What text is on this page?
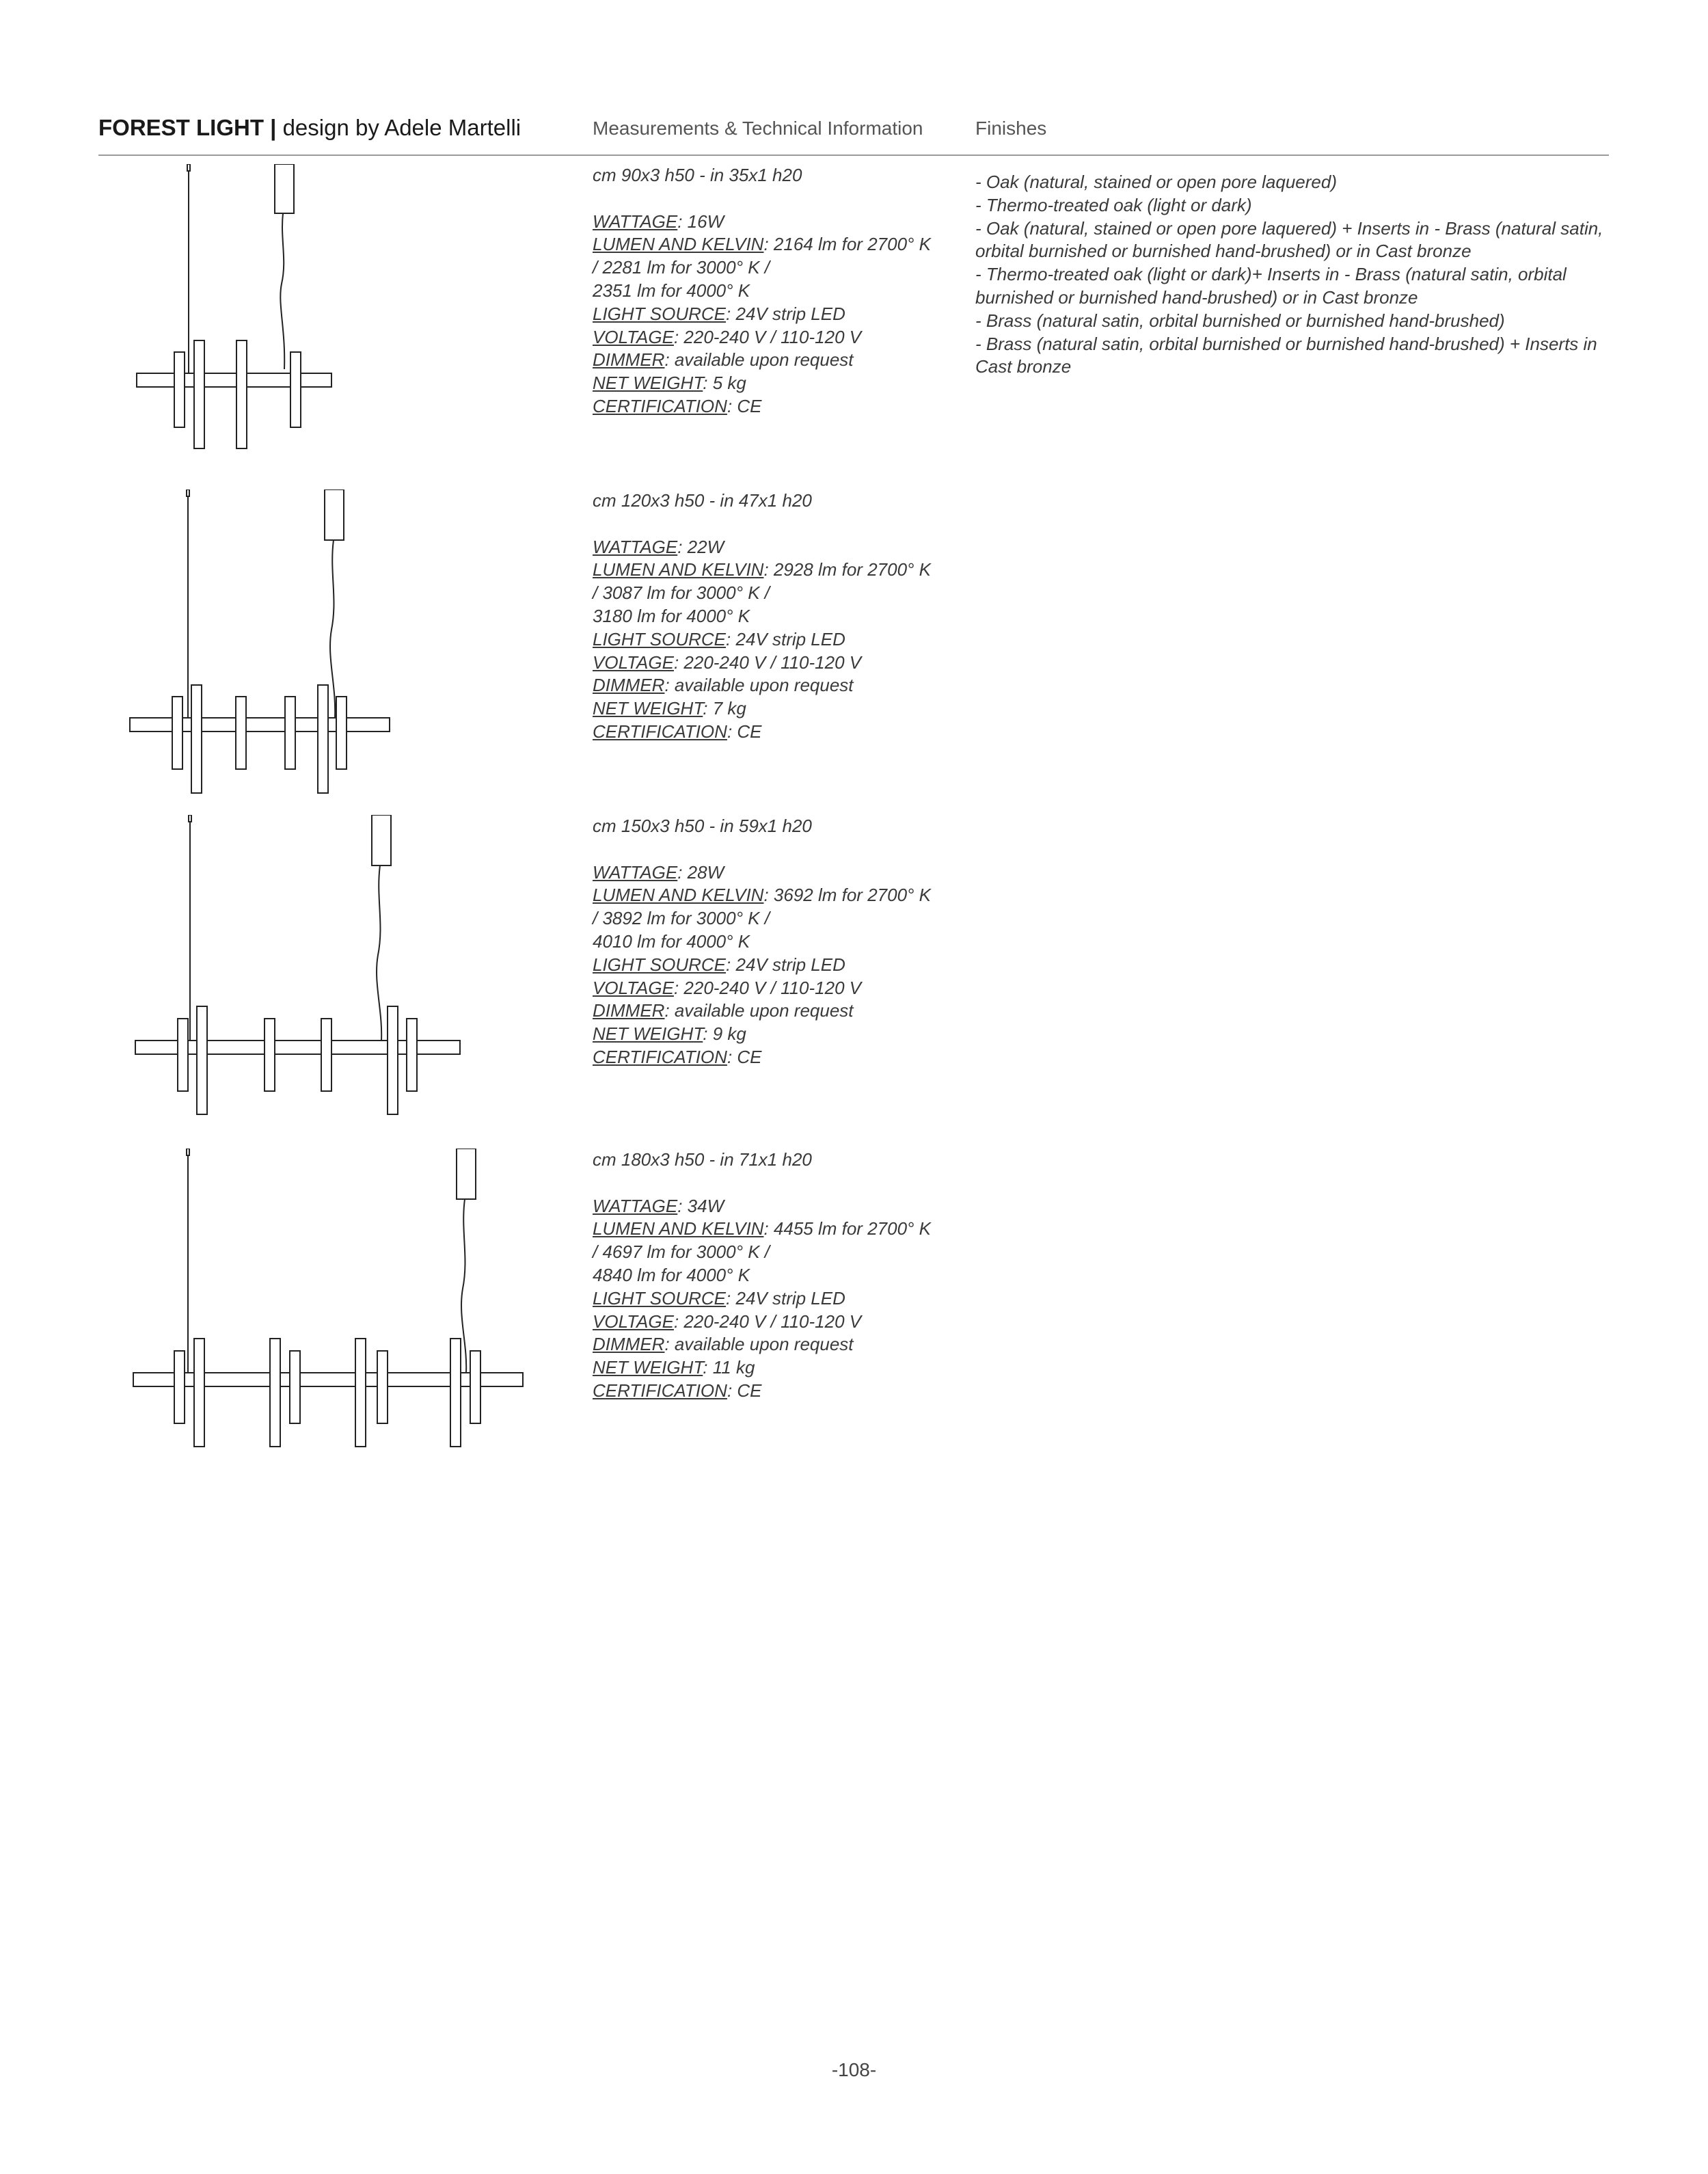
FOREST LIGHT | design by Adele Martelli	Measurements & Technical Information	Finishes
cm 90x3 h50 - in 35x1 h20
WATTAGE: 16W
LUMEN AND KELVIN: 2164 lm for 2700° K
/ 2281 lm for 3000° K /
2351 lm for 4000° K
LIGHT SOURCE: 24V strip LED
VOLTAGE: 220-240 V / 110-120 V
DIMMER: available upon request
NET WEIGHT: 5 kg
CERTIFICATION: CE
- Oak (natural, stained or open pore laquered)
- Thermo-treated oak (light or dark)
- Oak (natural, stained or open pore laquered) + Inserts in - Brass (natural satin, orbital burnished or burnished hand-brushed) or in Cast bronze
- Thermo-treated oak (light or dark)+ Inserts in - Brass (natural satin, orbital burnished or burnished hand-brushed) or in Cast bronze
- Brass (natural satin, orbital burnished or burnished hand-brushed)
- Brass (natural satin, orbital burnished or burnished hand-brushed) + Inserts in Cast bronze
cm 120x3 h50 - in 47x1 h20
WATTAGE: 22W
LUMEN AND KELVIN: 2928 lm for 2700° K
/ 3087 lm for 3000° K /
3180 lm for 4000° K
LIGHT SOURCE: 24V strip LED
VOLTAGE: 220-240 V / 110-120 V
DIMMER: available upon request
NET WEIGHT: 7 kg
CERTIFICATION: CE
cm 150x3 h50 - in 59x1 h20
WATTAGE: 28W
LUMEN AND KELVIN: 3692 lm for 2700° K
/ 3892 lm for 3000° K /
4010 lm for 4000° K
LIGHT SOURCE: 24V strip LED
VOLTAGE: 220-240 V / 110-120 V
DIMMER: available upon request
NET WEIGHT: 9 kg
CERTIFICATION: CE
cm 180x3 h50 - in 71x1 h20
WATTAGE: 34W
LUMEN AND KELVIN: 4455 lm for 2700° K
/ 4697 lm for 3000° K /
4840 lm for 4000° K
LIGHT SOURCE: 24V strip LED
VOLTAGE: 220-240 V / 110-120 V
DIMMER: available upon request
NET WEIGHT: 11 kg
CERTIFICATION: CE
-108-
